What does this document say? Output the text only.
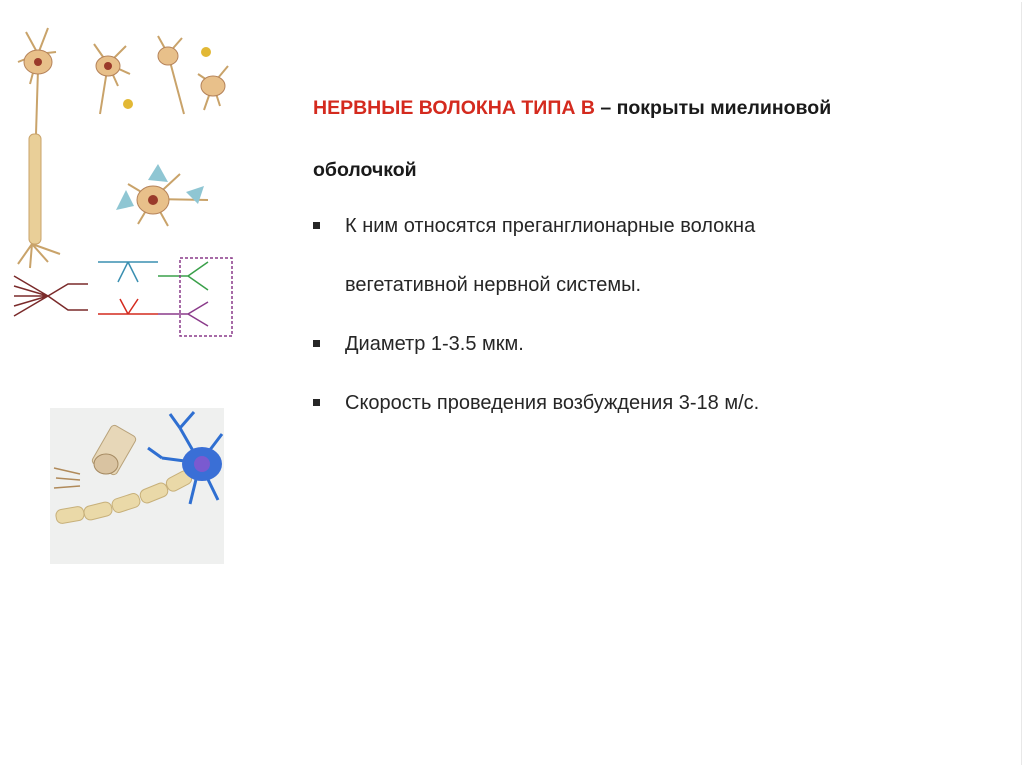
НЕРВНЫЕ ВОЛОКНА ТИПА В – покрыты миелиновой

оболочкой

К ним относятся преганглионарные волокна
вегетативной нервной системы.
Диаметр 1-3.5 мкм.
Скорость проведения возбуждения 3-18 м/с.
